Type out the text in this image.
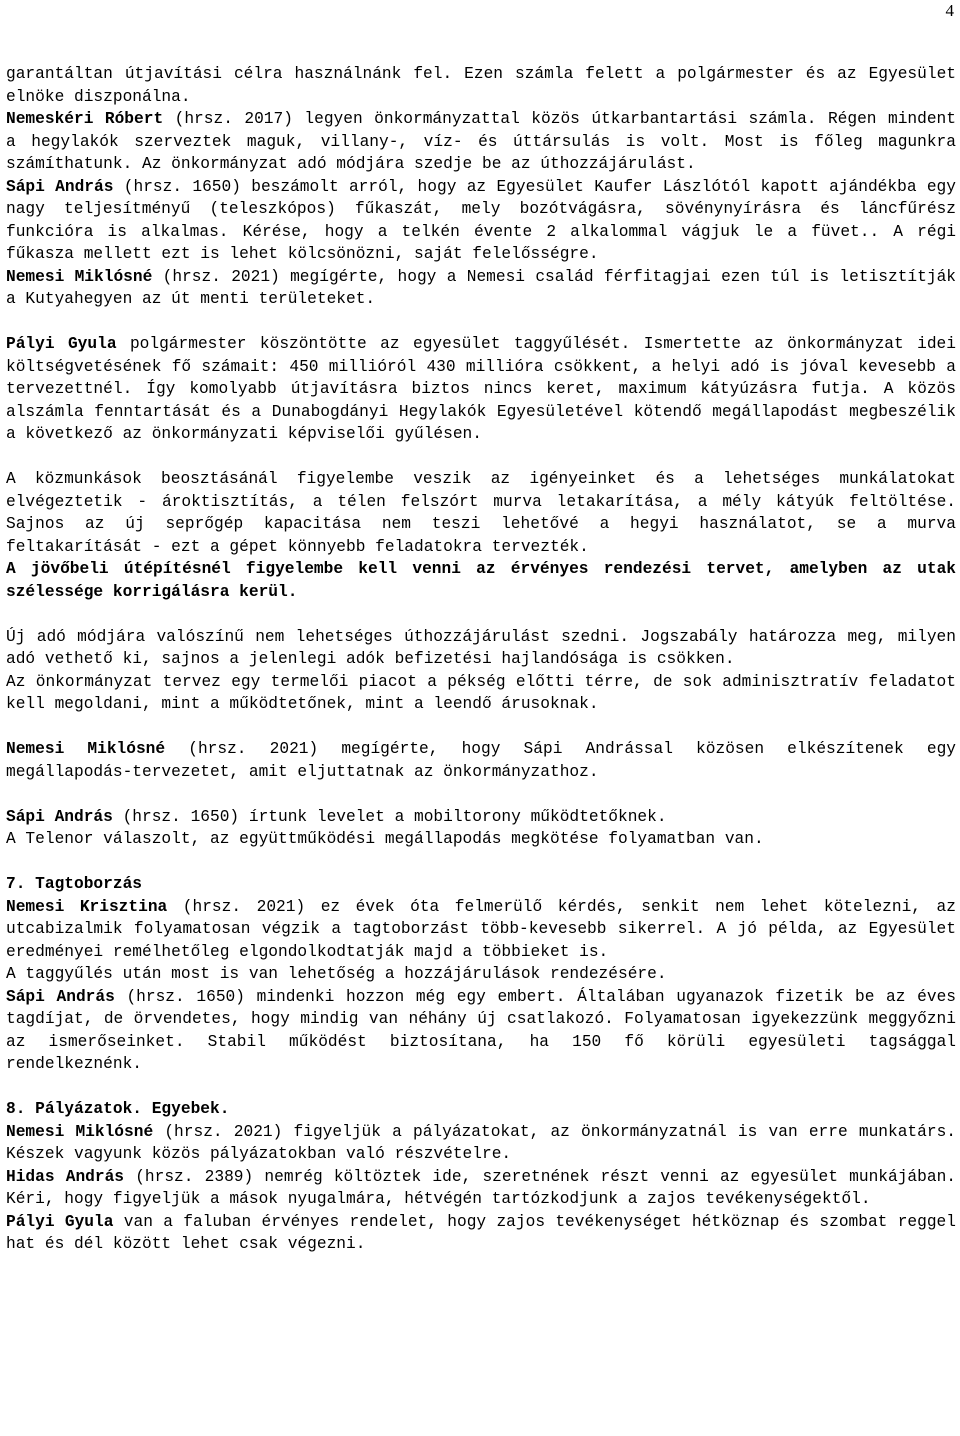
4

garantáltan útjavítási célra használnánk fel. Ezen számla felett a polgármester és az Egyesület elnöke diszponálna.

Nemeskéri Róbert (hrsz. 2017) legyen önkormányzattal közös útkarbantartási számla. Régen mindent a hegylakók szerveztek maguk, villany-, víz- és úttársulás is volt. Most is főleg magunkra számíthatunk. Az önkormányzat adó módjára szedje be az úthozzájárulást.

Sápi András (hrsz. 1650) beszámolt arról, hogy az Egyesület Kaufer Lászlótól kapott ajándékba egy nagy teljesítményű (teleszkópos) fűkaszát, mely bozótvágásra, sövénynyírásra és láncfűrész funkcióra is alkalmas. Kérése, hogy a telkén évente 2 alkalommal vágjuk le a füvet.. A régi fűkasza mellett ezt is lehet kölcsönözni, saját felelősségre.

Nemesi Miklósné (hrsz. 2021) megígérte, hogy a Nemesi család férfitagjai ezen túl is letisztítják a Kutyahegyen az út menti területeket.

Pályi Gyula polgármester köszöntötte az egyesület taggyűlését. Ismertette az önkormányzat idei költségvetésének fő számait: 450 millióról 430 millióra csökkent, a helyi adó is jóval kevesebb a tervezettnél. Így komolyabb útjavításra biztos nincs keret, maximum kátyúzásra futja. A közös alszámla fenntartását és a Dunabogdányi Hegylakók Egyesületével kötendő megállapodást megbeszélik a következő az önkormányzati képviselői gyűlésen.

A közmunkások beosztásánál figyelembe veszik az igényeinket és a lehetséges munkálatokat elvégeztetik - ároktisztítás, a télen felszórt murva letakarítása, a mély kátyúk feltöltése. Sajnos az új seprőgép kapacitása nem teszi lehetővé a hegyi használatot, se a murva feltakarítását - ezt a gépet könnyebb feladatokra tervezték.

A jövőbeli útépítésnél figyelembe kell venni az érvényes rendezési tervet, amelyben az utak szélessége korrigálásra kerül.

Új adó módjára valószínű nem lehetséges úthozzájárulást szedni. Jogszabály határozza meg, milyen adó vethető ki, sajnos a jelenlegi adók befizetési hajlandósága is csökken.

Az önkormányzat tervez egy termelői piacot a pékség előtti térre, de sok adminisztratív feladatot kell megoldani, mint a működtetőnek, mint a leendő árusoknak.

Nemesi Miklósné (hrsz. 2021) megígérte, hogy Sápi Andrással közösen elkészítenek egy megállapodás-tervezetet, amit eljuttatnak az önkormányzathoz.

Sápi András (hrsz. 1650) írtunk levelet a mobiltorony működtetőknek.

A Telenor válaszolt, az együttműködési megállapodás megkötése folyamatban van.

7. Tagtoborzás

Nemesi Krisztina (hrsz. 2021) ez évek óta felmerülő kérdés, senkit nem lehet kötelezni, az utcabizalmik folyamatosan végzik a tagtoborzást több-kevesebb sikerrel. A jó példa, az Egyesület eredményei remélhetőleg elgondolkodtatják majd a többieket is.

A taggyűlés után most is van lehetőség a hozzájárulások rendezésére.

Sápi András (hrsz. 1650) mindenki hozzon még egy embert. Általában ugyanazok fizetik be az éves tagdíjat, de örvendetes, hogy mindig van néhány új csatlakozó. Folyamatosan igyekezzünk meggyőzni az ismerőseinket. Stabil működést biztosítana, ha 150 fő körüli egyesületi tagsággal rendelkeznénk.

8. Pályázatok. Egyebek.

Nemesi Miklósné (hrsz. 2021) figyeljük a pályázatokat, az önkormányzatnál is van erre munkatárs. Készek vagyunk közös pályázatokban való részvételre.

Hidas András (hrsz. 2389) nemrég költöztek ide, szeretnének részt venni az egyesület munkájában. Kéri, hogy figyeljük a mások nyugalmára, hétvégén tartózkodjunk a zajos tevékenységektől.

Pályi Gyula van a faluban érvényes rendelet, hogy zajos tevékenységet hétköznap és szombat reggel hat és dél között lehet csak végezni.
